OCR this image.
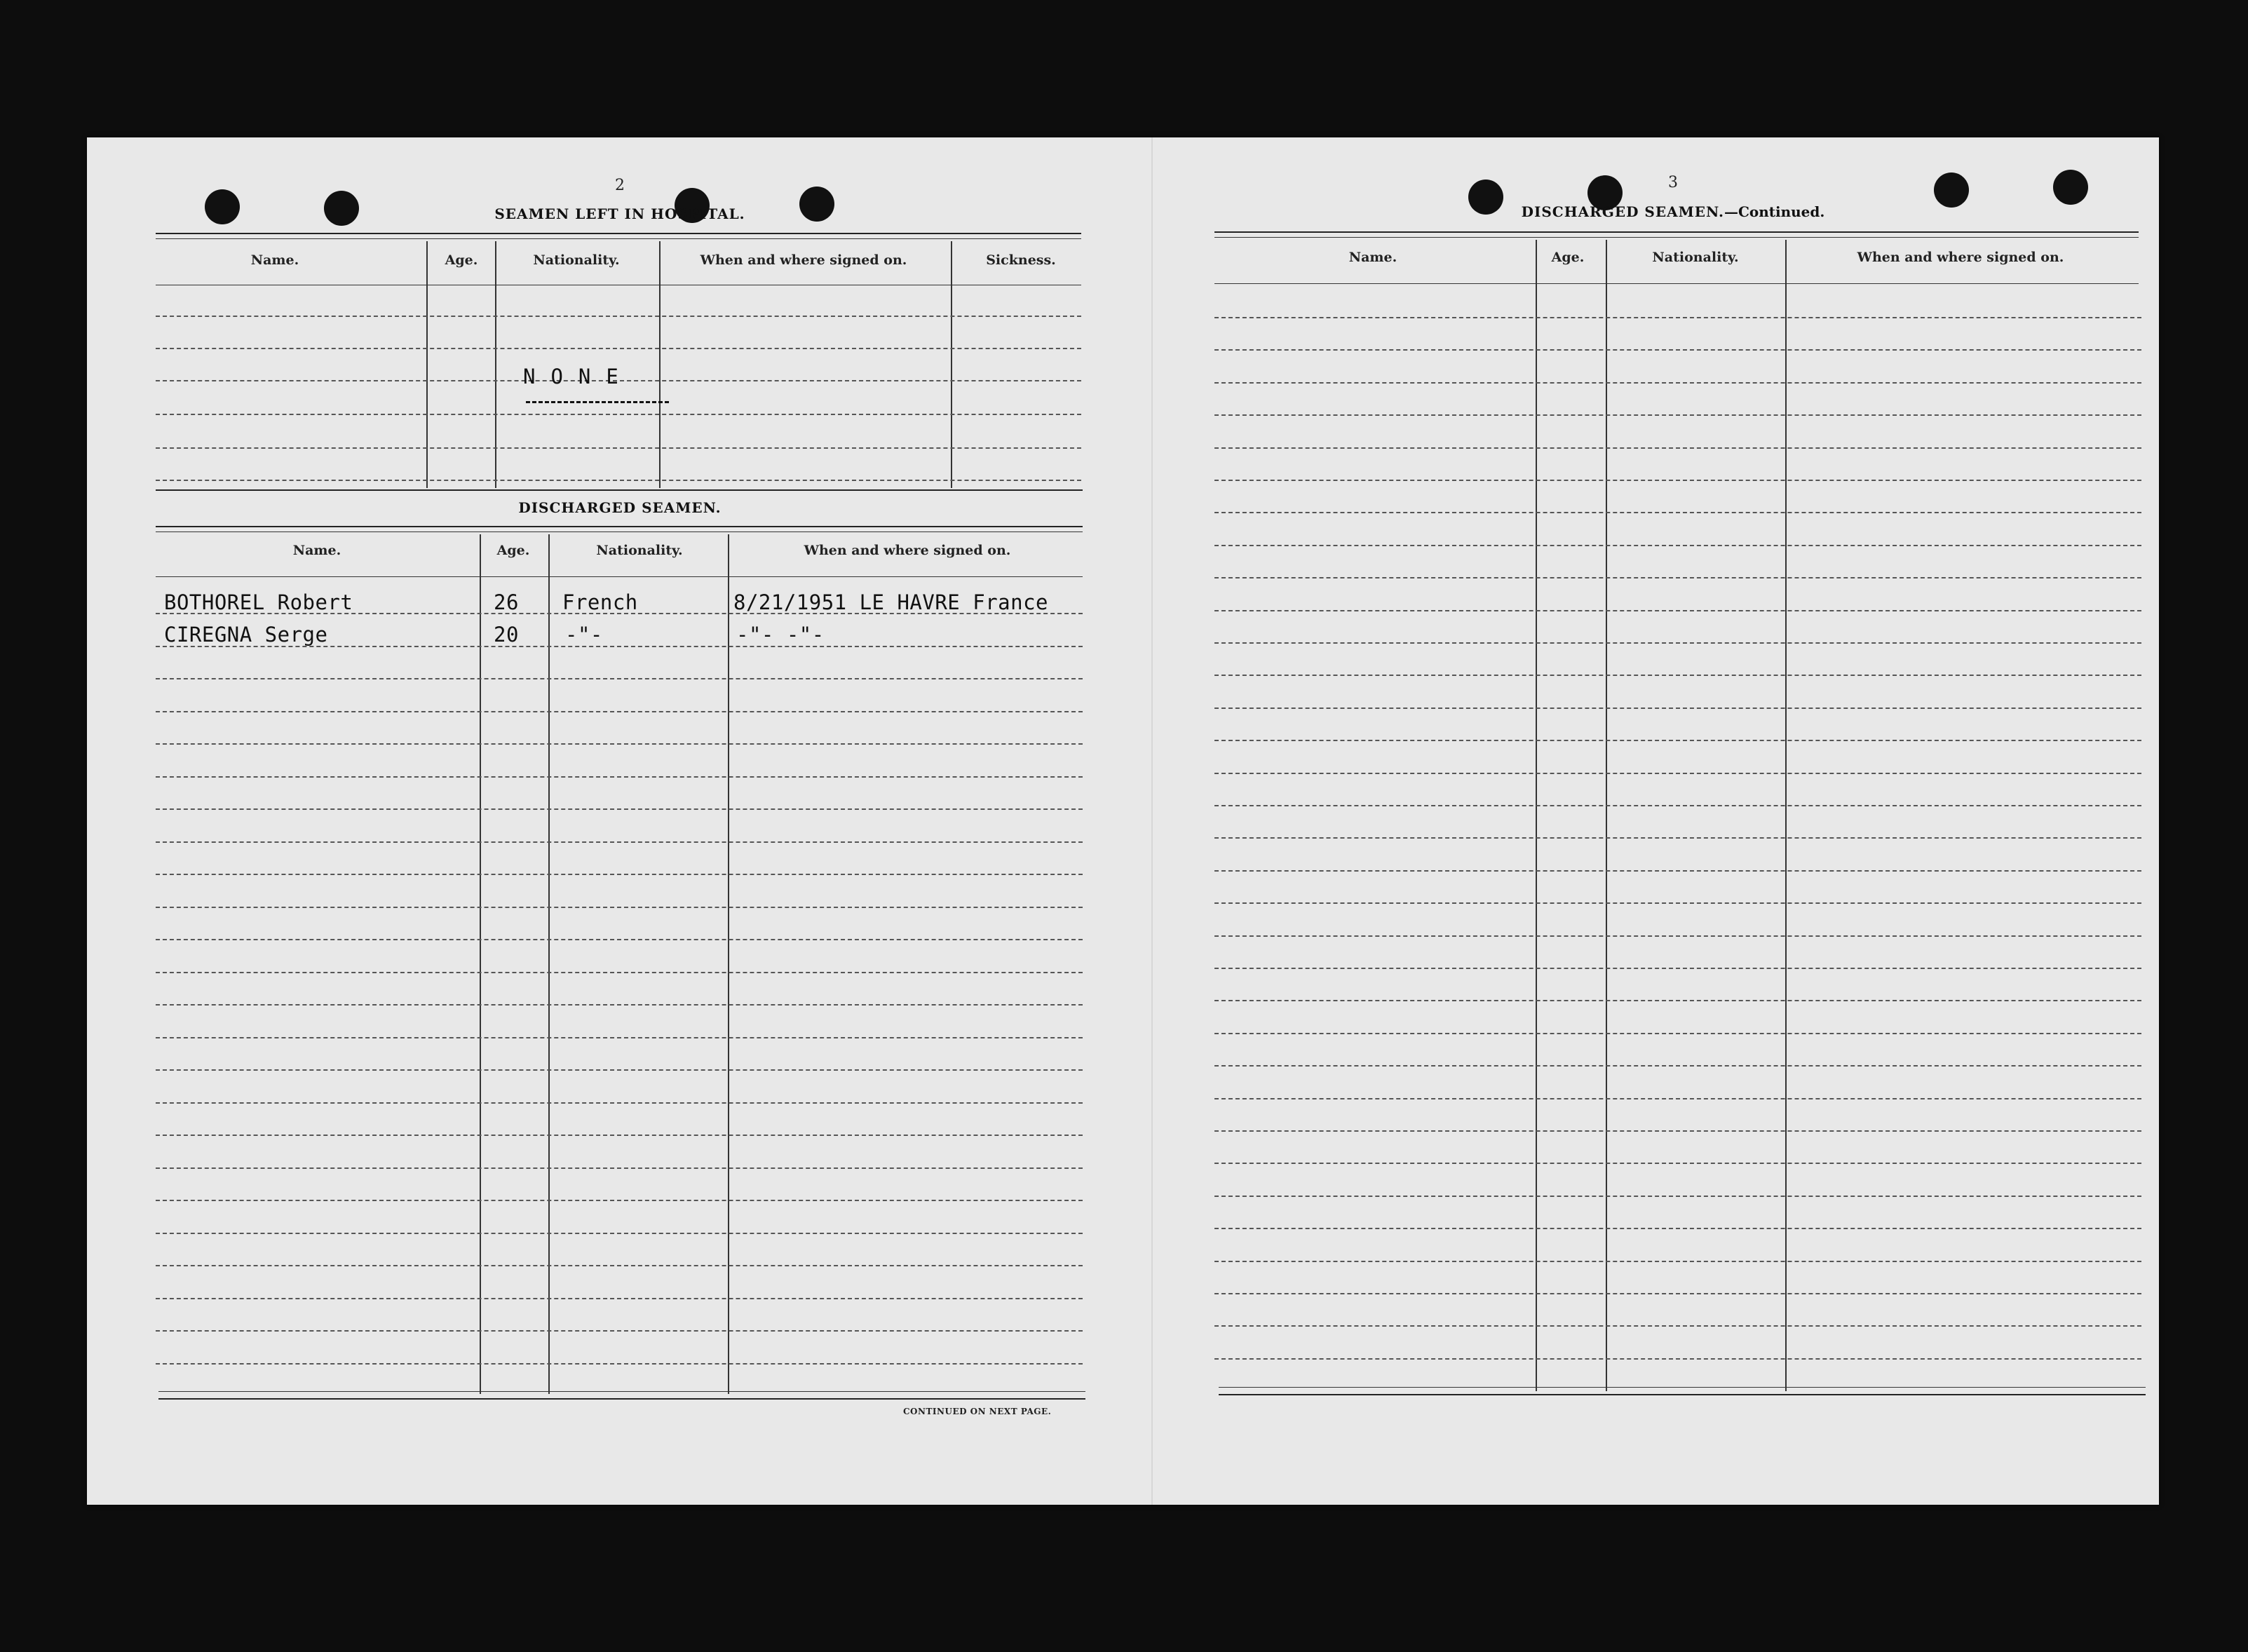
2
SEAMEN LEFT IN HOSPITAL.
Name.	Age.	Nationality.	When and where signed on.	Sickness.
NONE
DISCHARGED SEAMEN.
Name.	Age.	Nationality.	When and where signed on.
BOTHOREL Robert	26 French	8/21/1951 LE HAVRE France
CIREGNA Serge	20 -"-	-"- -"-
CONTINUED ON NEXT PAGE.
3
DISCHARGED SEAMEN.—Continued.
Name.	Age.	Nationality.	When and where signed on.
